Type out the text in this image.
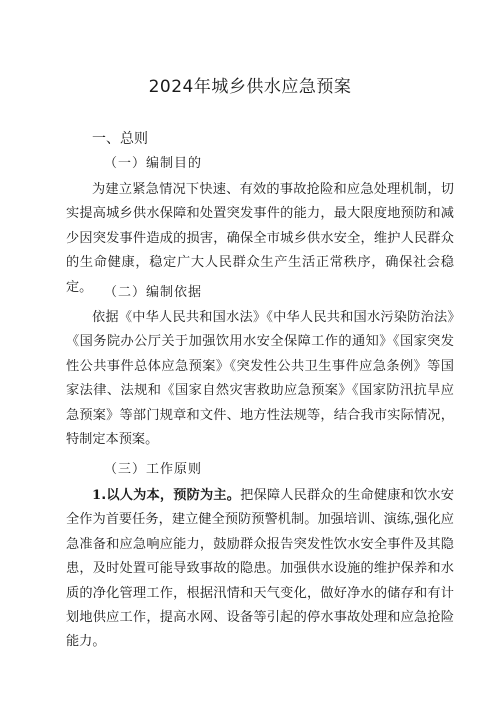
2024年城乡供水应急预案
一、总则
（一）编制目的

为建立紧急情况下快速、有效的事故抢险和应急处理机制，切实提高城乡供水保障和处置突发事件的能力，最大限度地预防和减少因突发事件造成的损害，确保全市城乡供水安全，维护人民群众的生命健康，稳定广大人民群众生产生活正常秩序，确保社会稳定。 （二）编制依据

依据《中华人民共和国水法》《中华人民共和国水污染防治法》《国务院办公厅关于加强饮用水安全保障工作的通知》《国家突发性公共事件总体应急预案》《突发性公共卫生事件应急条例》等国家法律、法规和《国家自然灾害救助应急预案》《国家防汛抗旱应急预案》等部门规章和文件、地方性法规等，结合我市实际情况，特制定本预案。

（三）工作原则

1.以人为本，预防为主。把保障人民群众的生命健康和饮水安全作为首要任务，建立健全预防预警机制。加强培训、演练,强化应急准备和应急响应能力，鼓励群众报告突发性饮水安全事件及其隐患，及时处置可能导致事故的隐患。加强供水设施的维护保养和水质的净化管理工作，根据汛情和天气变化，做好净水的储存和有计划地供应工作，提高水网、设备等引起的停水事故处理和应急抢险能力。
